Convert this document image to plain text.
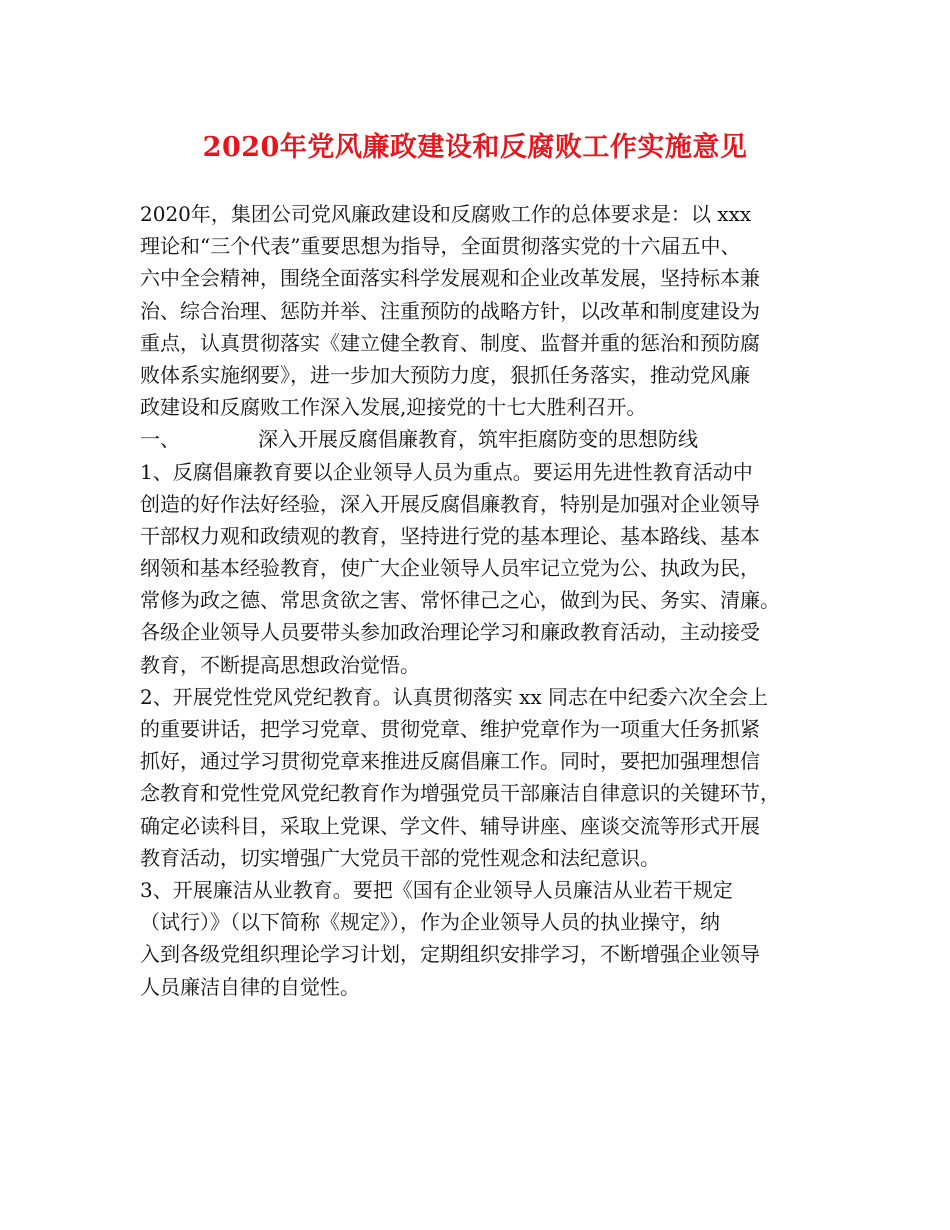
2020年党风廉政建设和反腐败工作实施意见
2020年，集团公司党风廉政建设和反腐败工作的总体要求是：以 xxx
理论和“三个代表”重要思想为指导，全面贯彻落实党的十六届五中、
六中全会精神，围绕全面落实科学发展观和企业改革发展，坚持标本兼
治、综合治理、惩防并举、注重预防的战略方针，以改革和制度建设为
重点，认真贯彻落实《建立健全教育、制度、监督并重的惩治和预防腐
败体系实施纲要》，进一步加大预防力度，狠抓任务落实，推动党风廉
政建设和反腐败工作深入发展,迎接党的十七大胜利召开。
一、	深入开展反腐倡廉教育，筑牢拒腐防变的思想防线
1、反腐倡廉教育要以企业领导人员为重点。要运用先进性教育活动中
创造的好作法好经验，深入开展反腐倡廉教育，特别是加强对企业领导
干部权力观和政绩观的教育，坚持进行党的基本理论、基本路线、基本
纲领和基本经验教育，使广大企业领导人员牢记立党为公、执政为民，
常修为政之德、常思贪欲之害、常怀律己之心，做到为民、务实、清廉。
各级企业领导人员要带头参加政治理论学习和廉政教育活动，主动接受
教育，不断提高思想政治觉悟。
2、开展党性党风党纪教育。认真贯彻落实 xx 同志在中纪委六次全会上
的重要讲话，把学习党章、贯彻党章、维护党章作为一项重大任务抓紧
抓好，通过学习贯彻党章来推进反腐倡廉工作。同时，要把加强理想信
念教育和党性党风党纪教育作为增强党员干部廉洁自律意识的关键环节，
确定必读科目，采取上党课、学文件、辅导讲座、座谈交流等形式开展
教育活动，切实增强广大党员干部的党性观念和法纪意识。
3、开展廉洁从业教育。要把《国有企业领导人员廉洁从业若干规定
（试行）》（以下简称《规定》），作为企业领导人员的执业操守，纳
入到各级党组织理论学习计划，定期组织安排学习，不断增强企业领导
人员廉洁自律的自觉性。
